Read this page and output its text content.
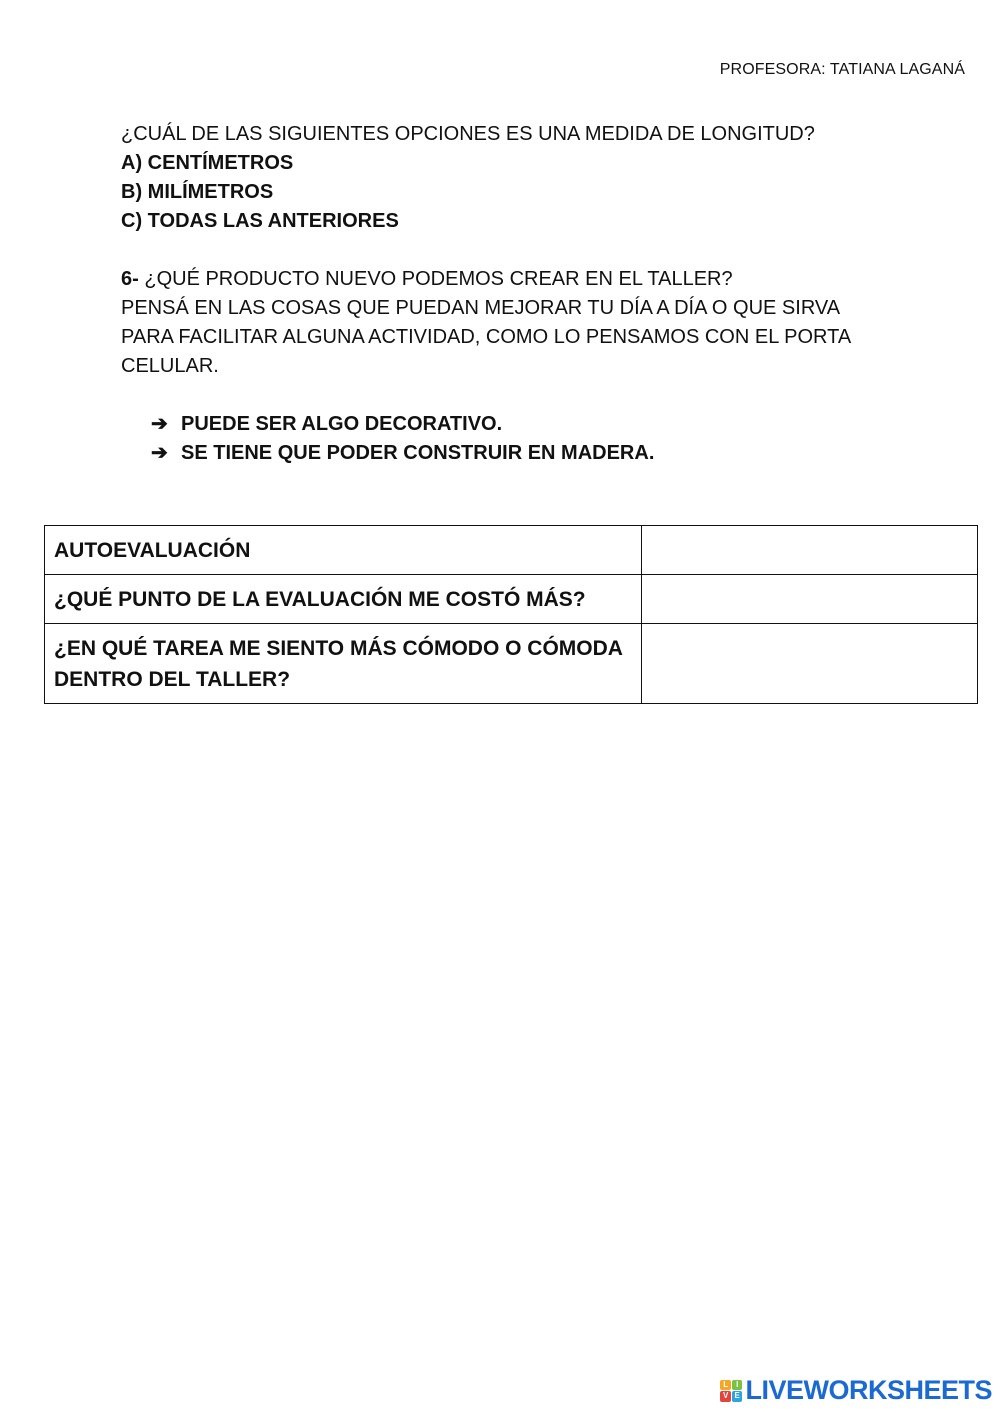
PROFESORA: TATIANA LAGANÁ
¿CUÁL DE LAS SIGUIENTES OPCIONES ES UNA MEDIDA DE LONGITUD?
A) CENTÍMETROS
B) MILÍMETROS
C) TODAS LAS ANTERIORES
6- ¿QUÉ PRODUCTO NUEVO PODEMOS CREAR EN EL TALLER?
PENSÁ EN LAS COSAS QUE PUEDAN MEJORAR TU DÍA A DÍA O QUE SIRVA
PARA FACILITAR ALGUNA ACTIVIDAD, COMO LO PENSAMOS CON EL PORTA
CELULAR.
➔ PUEDE SER ALGO DECORATIVO.
➔ SE TIENE QUE PODER CONSTRUIR EN MADERA.
AUTOEVALUACIÓN	
¿QUÉ PUNTO DE LA EVALUACIÓN ME COSTÓ MÁS?	
¿EN QUÉ TAREA ME SIENTO MÁS CÓMODO O CÓMODA DENTRO DEL TALLER?	
L I
V E LIVEWORKSHEETS
